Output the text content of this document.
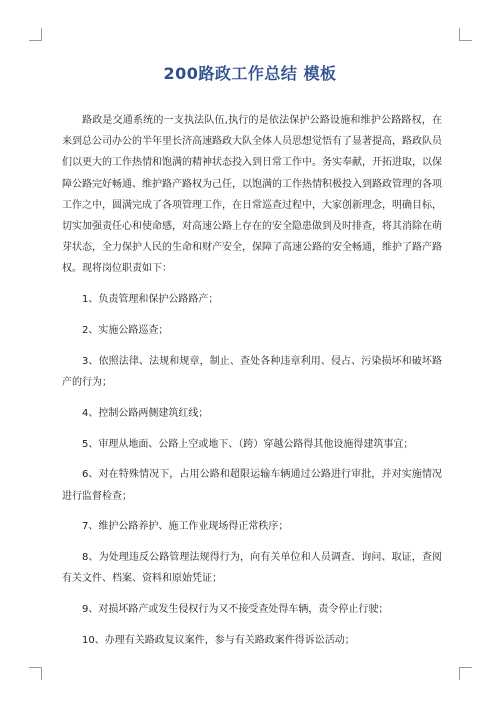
200路政工作总结 模板

路政是交通系统的一支执法队伍,执行的是依法保护公路设施和维护公路路权，在来到总公司办公的半年里长济高速路政大队全体人员思想觉悟有了显著提高，路政队员们以更大的工作热情和饱满的精神状态投入到日常工作中。务实奉献，开拓进取，以保障公路完好畅通、维护路产路权为己任，以饱满的工作热情积极投入到路政管理的各项工作之中，圆满完成了各项管理工作，在日常巡查过程中，大家创新理念，明确目标，切实加强责任心和使命感，对高速公路上存在的安全隐患做到及时排查，将其消除在萌芽状态，全力保护人民的生命和财产安全，保障了高速公路的安全畅通，维护了路产路权。现将岗位职责如下：

1、负责管理和保护公路路产；
2、实施公路巡查；
3、依照法律、法规和规章，制止、查处各种违章利用、侵占、污染损坏和破坏路产的行为；
4、控制公路两侧建筑红线；
5、审理从地面、公路上空或地下、（跨）穿越公路得其他设施得建筑事宜；
6、对在特殊情况下，占用公路和超限运输车辆通过公路进行审批，并对实施情况进行监督检查；
7、维护公路养护、施工作业现场得正常秩序；
8、为处理违反公路管理法规得行为，向有关单位和人员调查、询问、取证，查阅有关文件、档案、资料和原始凭证；
9、对损坏路产或发生侵权行为又不接受查处得车辆，责令停止行驶；
10、办理有关路政复议案件，参与有关路政案件得诉讼活动；
